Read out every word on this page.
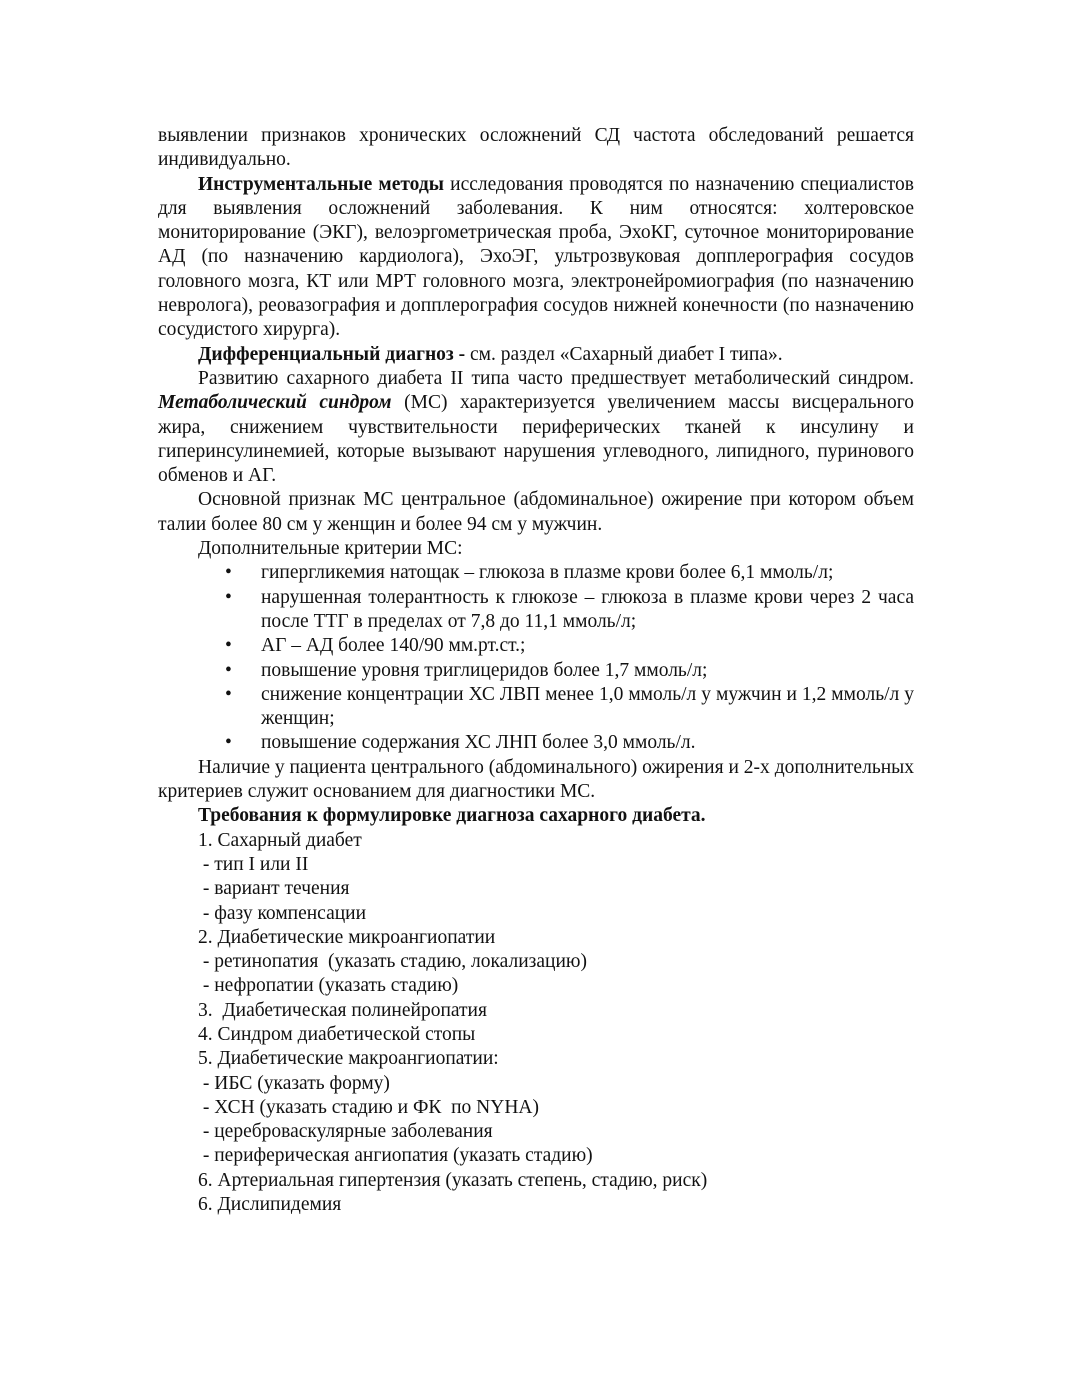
выявлении признаков хронических осложнений СД частота обследований решается индивидуально.

Инструментальные методы исследования проводятся по назначению специалистов для выявления осложнений заболевания. К ним относятся: холтеровское мониторирование (ЭКГ), велоэргометрическая проба, ЭхоКГ, суточное мониторирование АД (по назначению кардиолога), ЭхоЭГ, ультрозвуковая допплерография сосудов головного мозга, КТ или МРТ головного мозга, электронейромиография (по назначению невролога), реовазография и допплерография сосудов нижней конечности (по назначению сосудистого хирурга).

Дифференциальный диагноз - см. раздел «Сахарный диабет I типа».

Развитию сахарного диабета II типа часто предшествует метаболический синдром. Метаболический синдром (МС) характеризуется увеличением массы висцерального жира, снижением чувствительности периферических тканей к инсулину и гиперинсулинемией, которые вызывают нарушения углеводного, липидного, пуринового обменов и АГ.

Основной признак МС центральное (абдоминальное) ожирение при котором объем талии более 80 см у женщин и более 94 см у мужчин.

Дополнительные критерии МС:

• гипергликемия натощак – глюкоза в плазме крови более 6,1 ммоль/л;
• нарушенная толерантность к глюкозе – глюкоза в плазме крови через 2 часа после ТТГ в пределах от 7,8 до 11,1 ммоль/л;
• АГ – АД более 140/90 мм.рт.ст.;
• повышение уровня триглицеридов более 1,7 ммоль/л;
• снижение концентрации ХС ЛВП менее 1,0 ммоль/л у мужчин и 1,2 ммоль/л у женщин;
• повышение содержания ХС ЛНП более 3,0 ммоль/л.

Наличие у пациента центрального (абдоминального) ожирения и 2-х дополнительных критериев служит основанием для диагностики МС.

Требования к формулировке диагноза сахарного диабета.

1. Сахарный диабет

- тип I или II

- вариант течения

- фазу компенсации

2. Диабетические микроангиопатии

- ретинопатия  (указать стадию, локализацию)

- нефропатии (указать стадию)

3.  Диабетическая полинейропатия

4. Синдром диабетической стопы

5. Диабетические макроангиопатии:

- ИБС (указать форму)

- ХСН (указать стадию и ФК  по NYHA)

- цереброваскулярные заболевания

- периферическая ангиопатия (указать стадию)

6. Артериальная гипертензия (указать степень, стадию, риск)

6. Дислипидемия
